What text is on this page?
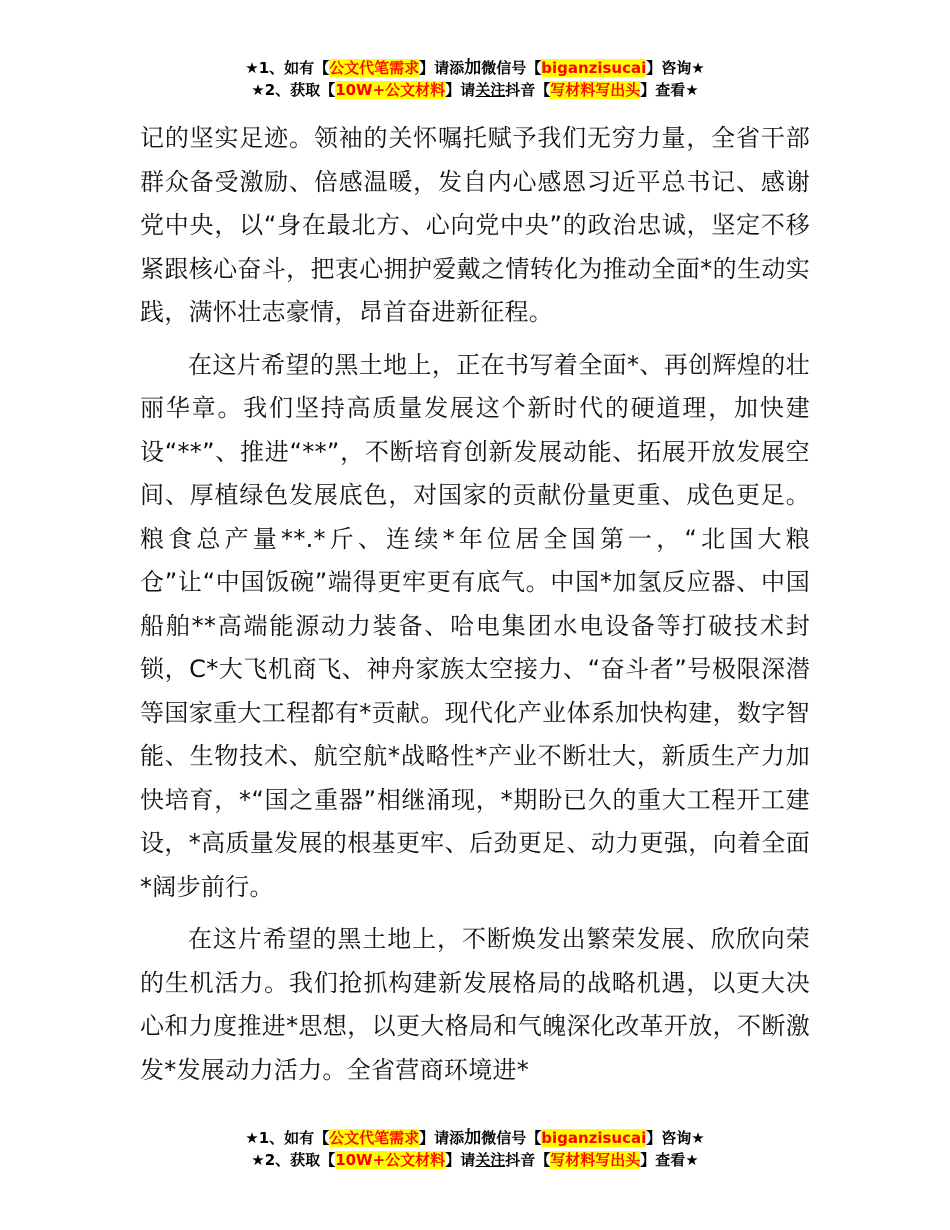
★1、如有【公文代笔需求】请添加微信号【biganzisucai】咨询★
★2、获取【10W+公文材料】请关注抖音【写材料写出头】查看★

记的坚实足迹。领袖的关怀嘱托赋予我们无穷力量，全省干部群众备受激励、倍感温暖，发自内心感恩习近平总书记、感谢党中央，以“身在最北方、心向党中央”的政治忠诚，坚定不移紧跟核心奋斗，把衷心拥护爱戴之情转化为推动全面*的生动实践，满怀壮志豪情，昂首奋进新征程。

在这片希望的黑土地上，正在书写着全面*、再创辉煌的壮丽华章。我们坚持高质量发展这个新时代的硬道理，加快建设“**”、推进“**”，不断培育创新发展动能、拓展开放发展空间、厚植绿色发展底色，对国家的贡献份量更重、成色更足。粮食总产量**.*斤、连续*年位居全国第一，“北国大粮仓”让“中国饭碗”端得更牢更有底气。中国*加氢反应器、中国船舶**高端能源动力装备、哈电集团水电设备等打破技术封锁，C*大飞机商飞、神舟家族太空接力、“奋斗者”号极限深潜等国家重大工程都有*贡献。现代化产业体系加快构建，数字智能、生物技术、航空航*战略性*产业不断壮大，新质生产力加快培育，*“国之重器”相继涌现，*期盼已久的重大工程开工建设，*高质量发展的根基更牢、后劲更足、动力更强，向着全面*阔步前行。

在这片希望的黑土地上，不断焕发出繁荣发展、欣欣向荣的生机活力。我们抢抓构建新发展格局的战略机遇，以更大决心和力度推进*思想，以更大格局和气魄深化改革开放，不断激发*发展动力活力。全省营商环境进*

★1、如有【公文代笔需求】请添加微信号【biganzisucai】咨询★
★2、获取【10W+公文材料】请关注抖音【写材料写出头】查看★
